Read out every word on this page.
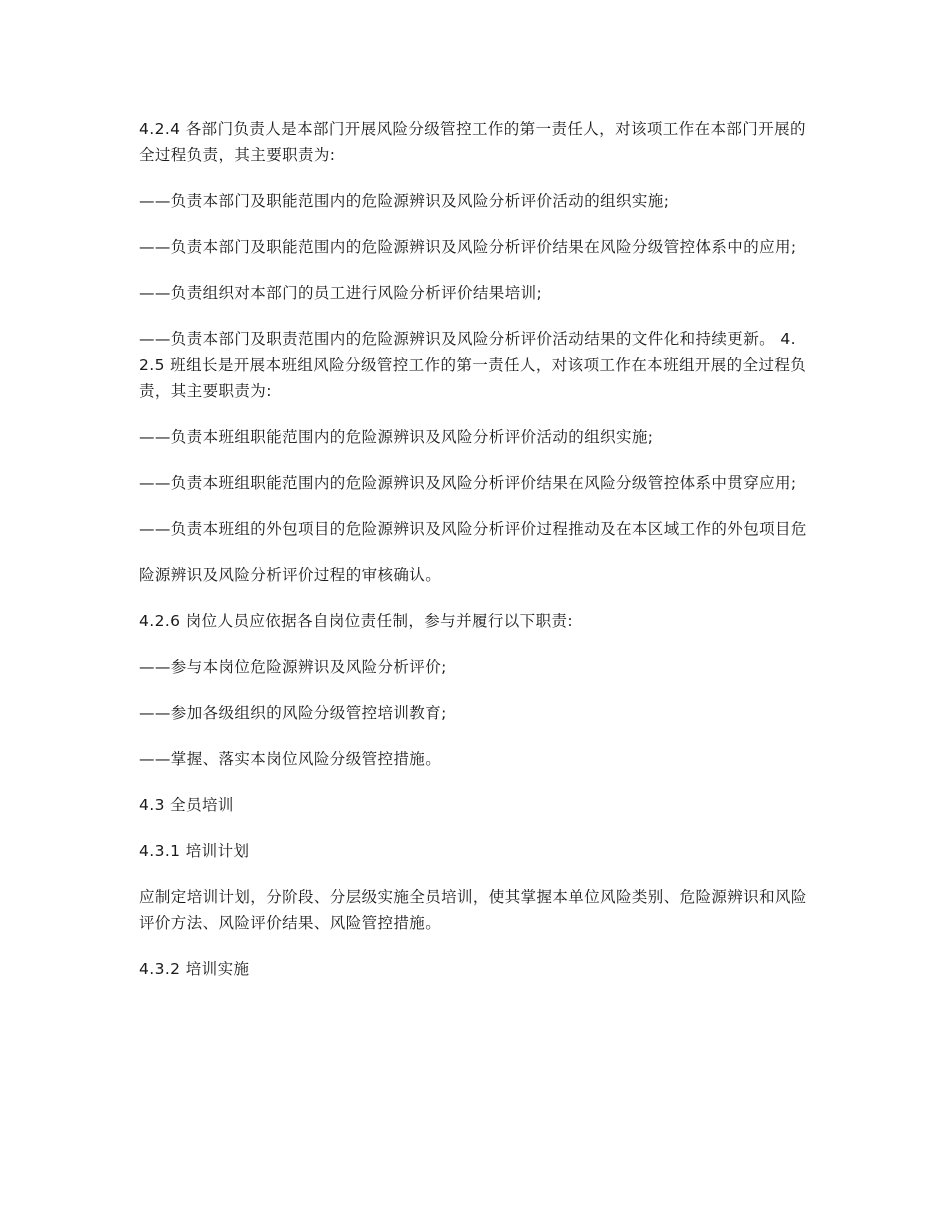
4.2.4 各部门负责人是本部门开展风险分级管控工作的第一责任人，对该项工作在本部门开展的全过程负责，其主要职责为:

——负责本部门及职能范围内的危险源辨识及风险分析评价活动的组织实施;

——负责本部门及职能范围内的危险源辨识及风险分析评价结果在风险分级管控体系中的应用;

——负责组织对本部门的员工进行风险分析评价结果培训;

——负责本部门及职责范围内的危险源辨识及风险分析评价活动结果的文件化和持续更新。 4.2.5 班组长是开展本班组风险分级管控工作的第一责任人，对该项工作在本班组开展的全过程负责，其主要职责为:

——负责本班组职能范围内的危险源辨识及风险分析评价活动的组织实施;

——负责本班组职能范围内的危险源辨识及风险分析评价结果在风险分级管控体系中贯穿应用;

——负责本班组的外包项目的危险源辨识及风险分析评价过程推动及在本区域工作的外包项目危

险源辨识及风险分析评价过程的审核确认。

4.2.6 岗位人员应依据各自岗位责任制，参与并履行以下职责:

——参与本岗位危险源辨识及风险分析评价;

——参加各级组织的风险分级管控培训教育;

——掌握、落实本岗位风险分级管控措施。

4.3 全员培训

4.3.1 培训计划

应制定培训计划，分阶段、分层级实施全员培训，使其掌握本单位风险类别、危险源辨识和风险评价方法、风险评价结果、风险管控措施。

4.3.2 培训实施
